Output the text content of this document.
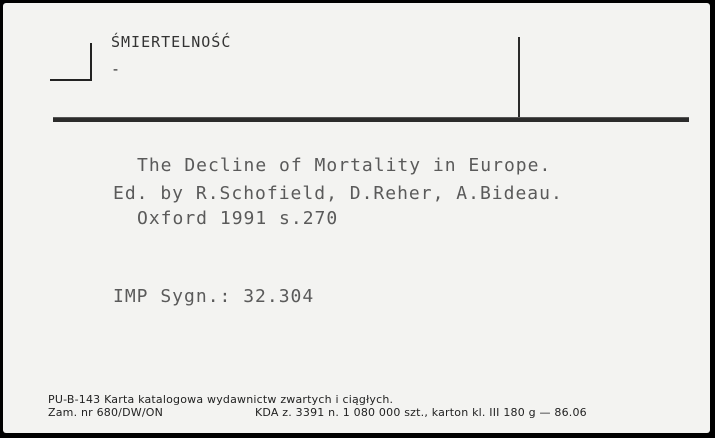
ŚMIERTELNOŚĆ
-
The Decline of Mortality in Europe.
Ed. by R.Schofield, D.Reher, A.Bideau.
Oxford 1991 s.270
IMP Sygn.: 32.304
PU-B-143 Karta katalogowa wydawnictw zwartych i ciągłych.
Zam. nr 680/DW/ON	KDA z. 3391 n. 1 080 000 szt., karton kl. III 180 g — 86.06
